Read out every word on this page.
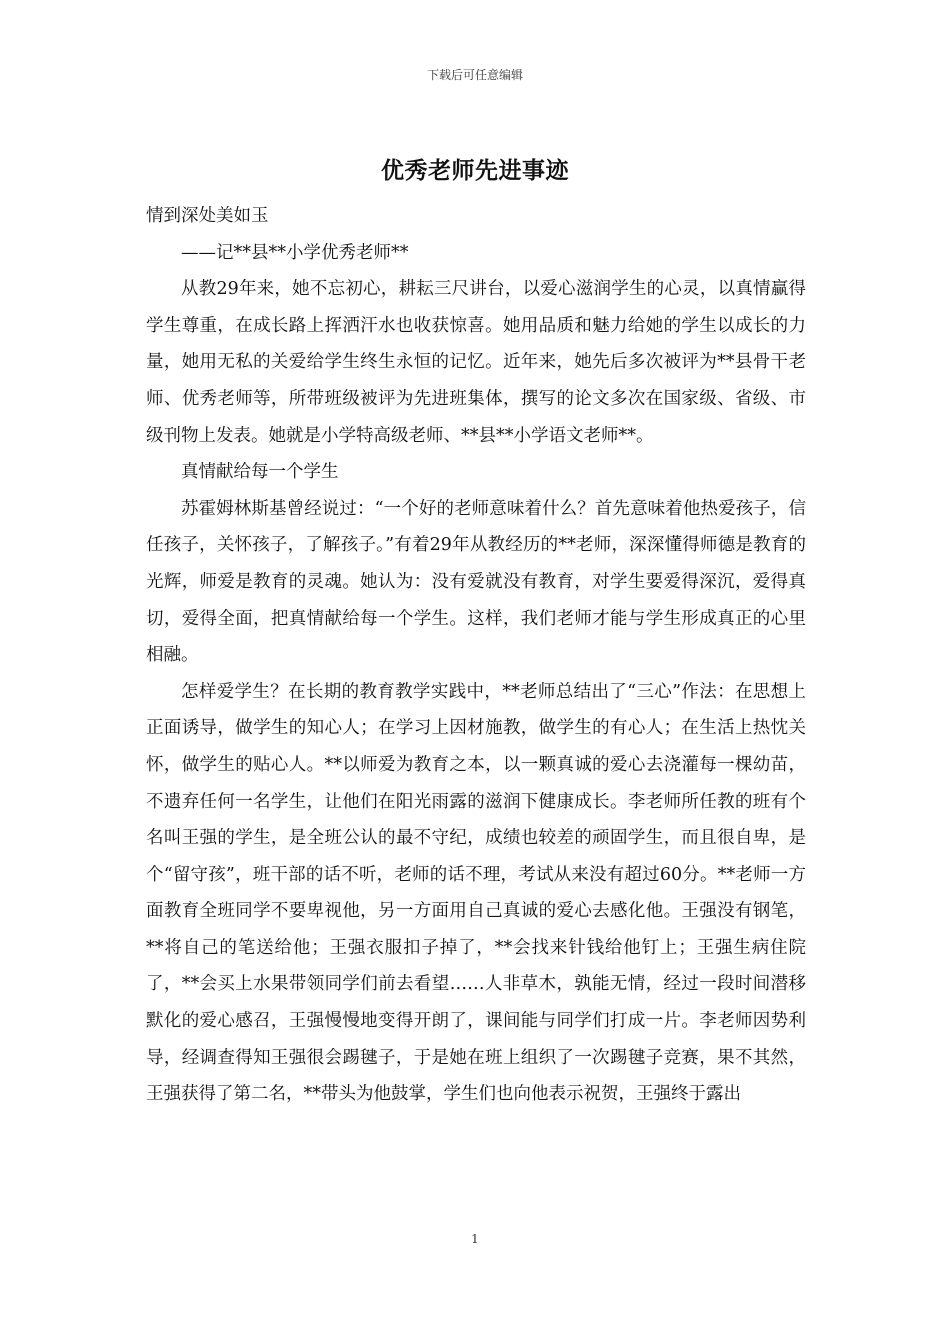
下载后可任意编辑
优秀老师先进事迹

情到深处美如玉

——记**县**小学优秀老师**

从教29年来，她不忘初心，耕耘三尺讲台，以爱心滋润学生的心灵，以真情赢得学生尊重，在成长路上挥洒汗水也收获惊喜。她用品质和魅力给她的学生以成长的力量，她用无私的关爱给学生终生永恒的记忆。近年来，她先后多次被评为**县骨干老师、优秀老师等，所带班级被评为先进班集体，撰写的论文多次在国家级、省级、市级刊物上发表。她就是小学特高级老师、**县**小学语文老师**。

真情献给每一个学生

苏霍姆林斯基曾经说过：“一个好的老师意味着什么？首先意味着他热爱孩子，信任孩子，关怀孩子，了解孩子。”有着29年从教经历的**老师，深深懂得师德是教育的光辉，师爱是教育的灵魂。她认为：没有爱就没有教育，对学生要爱得深沉，爱得真切，爱得全面，把真情献给每一个学生。这样，我们老师才能与学生形成真正的心里相融。

怎样爱学生？在长期的教育教学实践中，**老师总结出了“三心”作法：在思想上正面诱导，做学生的知心人；在学习上因材施教，做学生的有心人；在生活上热忱关怀，做学生的贴心人。**以师爱为教育之本，以一颗真诚的爱心去浇灌每一棵幼苗，不遗弃任何一名学生，让他们在阳光雨露的滋润下健康成长。李老师所任教的班有个名叫王强的学生，是全班公认的最不守纪，成绩也较差的顽固学生，而且很自卑，是个“留守孩”，班干部的话不听，老师的话不理，考试从来没有超过60分。**老师一方面教育全班同学不要卑视他，另一方面用自己真诚的爱心去感化他。王强没有钢笔，**将自己的笔送给他；王强衣服扣子掉了，**会找来针钱给他钉上；王强生病住院了，**会买上水果带领同学们前去看望……人非草木，孰能无情，经过一段时间潜移默化的爱心感召，王强慢慢地变得开朗了，课间能与同学们打成一片。李老师因势利导，经调查得知王强很会踢毽子，于是她在班上组织了一次踢毽子竞赛，果不其然，王强获得了第二名，**带头为他鼓掌，学生们也向他表示祝贺，王强终于露出

1
